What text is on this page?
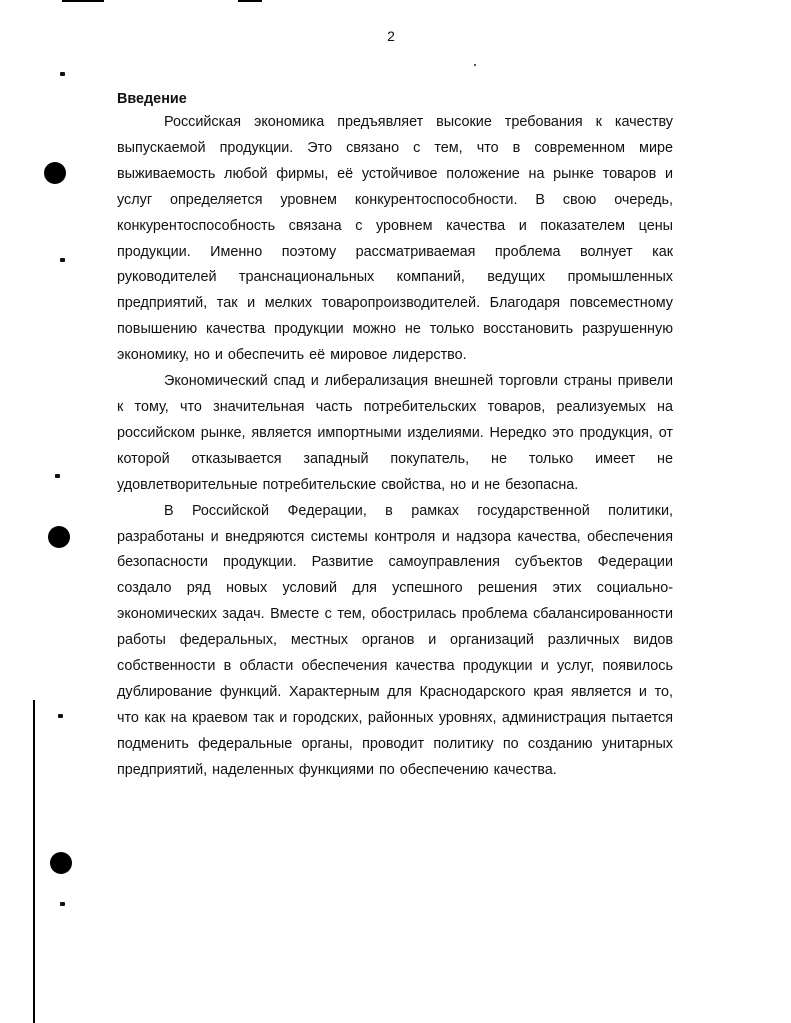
2

Введение

Российская экономика предъявляет высокие требования к качеству выпускаемой продукции. Это связано с тем, что в современном мире выживаемость любой фирмы, её устойчивое положение на рынке товаров и услуг определяется уровнем конкурентоспособности. В свою очередь, конкурентоспособность связана с уровнем качества и показателем цены продукции. Именно поэтому рассматриваемая проблема волнует как руководителей транснациональных компаний, ведущих промышленных предприятий, так и мелких товаропроизводителей. Благодаря повсеместному повышению качества продукции можно не только восстановить разрушенную экономику, но и обеспечить её мировое лидерство.

Экономический спад и либерализация внешней торговли страны привели к тому, что значительная часть потребительских товаров, реализуемых на российском рынке, является импортными изделиями. Нередко это продукция, от которой отказывается западный покупатель, не только имеет не удовлетворительные потребительские свойства, но и не безопасна.

В Российской Федерации, в рамках государственной политики, разработаны и внедряются системы контроля и надзора качества, обеспечения безопасности продукции. Развитие самоуправления субъектов Федерации создало ряд новых условий для успешного решения этих социально-экономических задач. Вместе с тем, обострилась проблема сбалансированности работы федеральных, местных органов и организаций различных видов собственности в области обеспечения качества продукции и услуг, появилось дублирование функций. Характерным для Краснодарского края является и то, что как на краевом так и городских, районных уровнях, администрация пытается подменить федеральные органы, проводит политику по созданию унитарных предприятий, наделенных функциями по обеспечению качества.
